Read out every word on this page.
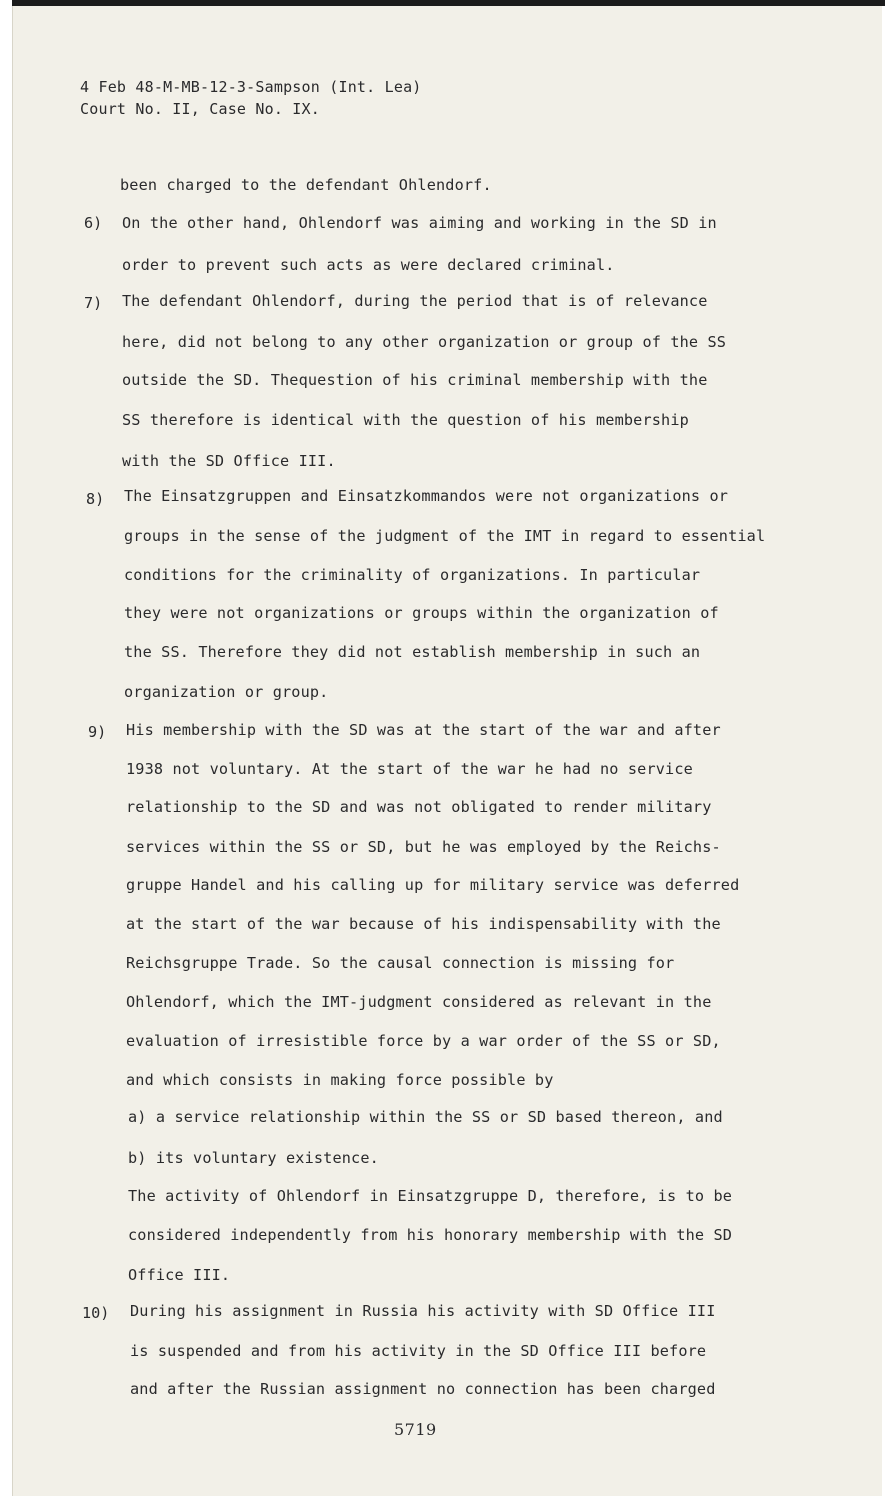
4 Feb 48-M-MB-12-3-Sampson (Int. Lea)
Court No. II, Case No. IX.
been charged to the defendant Ohlendorf.
6) On the other hand, Ohlendorf was aiming and working in the SD in
order to prevent such acts as were declared criminal.
7) The defendant Ohlendorf, during the period that is of relevance
here, did not belong to any other organization or group of the SS
outside the SD. Thequestion of his criminal membership with the
SS therefore is identical with the question of his membership
with the SD Office III.
8) The Einsatzgruppen and Einsatzkommandos were not organizations or
groups in the sense of the judgment of the IMT in regard to essential
conditions for the criminality of organizations. In particular
they were not organizations or groups within the organization of
the SS. Therefore they did not establish membership in such an
organization or group.
9) His membership with the SD was at the start of the war and after
1938 not voluntary. At the start of the war he had no service
relationship to the SD and was not obligated to render military
services within the SS or SD, but he was employed by the Reichs-
gruppe Handel and his calling up for military service was deferred
at the start of the war because of his indispensability with the
Reichsgruppe Trade. So the causal connection is missing for
Ohlendorf, which the IMT-judgment considered as relevant in the
evaluation of irresistible force by a war order of the SS or SD,
and which consists in making force possible by
a) a service relationship within the SS or SD based thereon, and
b) its voluntary existence.
The activity of Ohlendorf in Einsatzgruppe D, therefore, is to be
considered independently from his honorary membership with the SD
Office III.
10) During his assignment in Russia his activity with SD Office III
is suspended and from his activity in the SD Office III before
and after the Russian assignment no connection has been charged
5719
